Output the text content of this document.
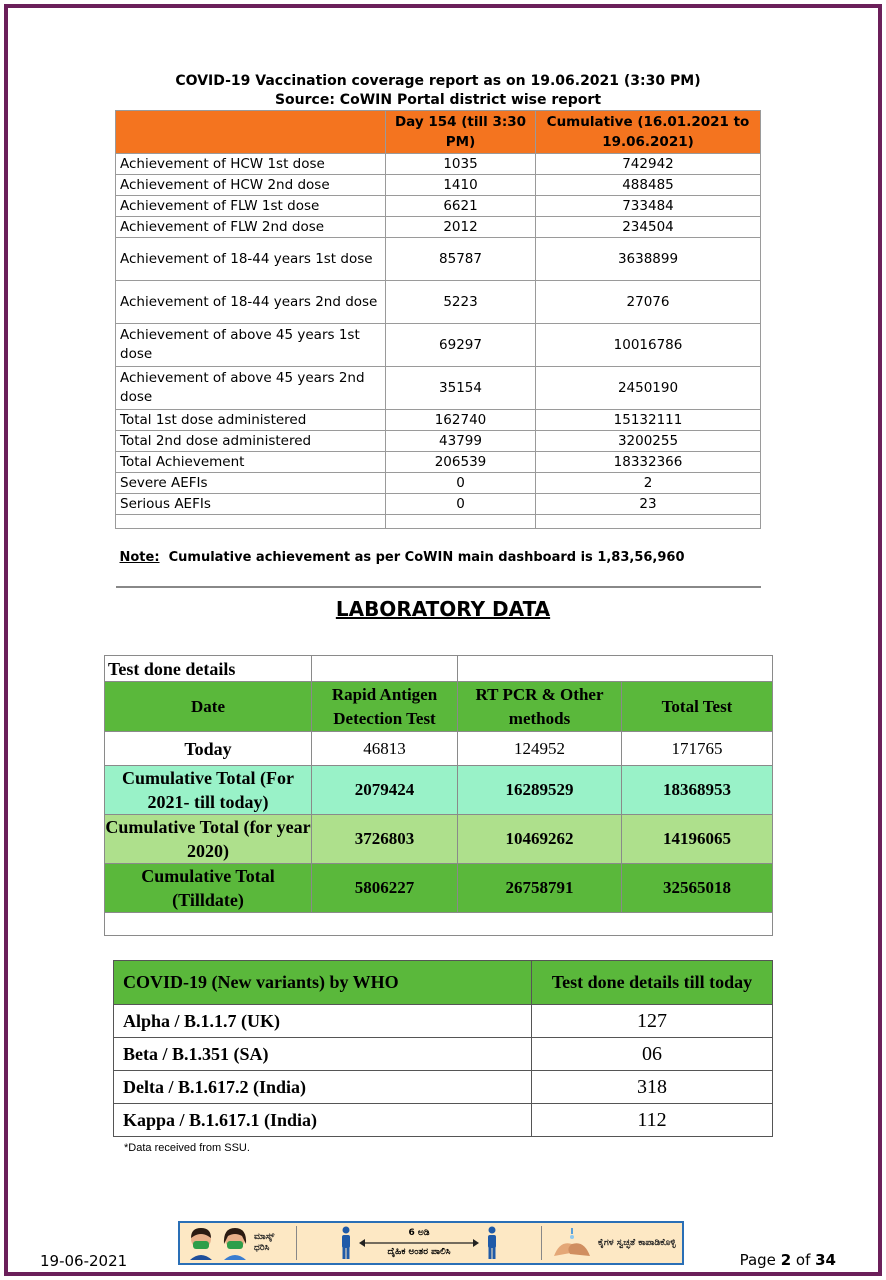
COVID-19 Vaccination coverage report as on 19.06.2021 (3:30 PM)
Source: CoWIN Portal district wise report		
	Day 154 (till 3:30 PM)	Cumulative (16.01.2021 to 19.06.2021)
Achievement of HCW 1st dose	1035	742942
Achievement of HCW 2nd dose	1410	488485
Achievement of FLW 1st dose	6621	733484
Achievement of FLW 2nd dose	2012	234504
Achievement of 18-44 years 1st dose	85787	3638899
Achievement of 18-44 years 2nd dose	5223	27076
Achievement of above 45 years 1st dose	69297	10016786
Achievement of above 45 years 2nd dose	35154	2450190
Total 1st dose administered	162740	15132111
Total 2nd dose administered	43799	3200255
Total Achievement	206539	18332366
Severe AEFIs	0	2
Serious AEFIs	0	23

Note: Cumulative achievement as per CoWIN main dashboard is 1,83,56,960		
LABORATORY DATA
Test done details			
Date	Rapid Antigen Detection Test	RT PCR & Other methods	Total Test
Today	46813	124952	171765
Cumulative Total (For 2021- till today)	2079424	16289529	18368953
Cumulative Total (for year 2020)	3726803	10469262	14196065
Cumulative Total (Tilldate)	5806227	26758791	32565018

COVID-19 (New variants) by WHO	Test done details till today
Alpha / B.1.1.7 (UK)	127
Beta / B.1.351 (SA)	06
Delta / B.1.617.2 (India)	318
Kappa / B.1.617.1 (India)	112
*Data received from SSU.
19-06-2021
ಮಾಸ್ಕ್ ಧರಿಸಿ
6 ಅಡಿ
ದೈಹಿಕ ಅಂತರ ಪಾಲಿಸಿ
ಕೈಗಳ ಸ್ವಚ್ಛತೆ ಕಾಪಾಡಿಕೊಳ್ಳಿ
Page 2 of 34
